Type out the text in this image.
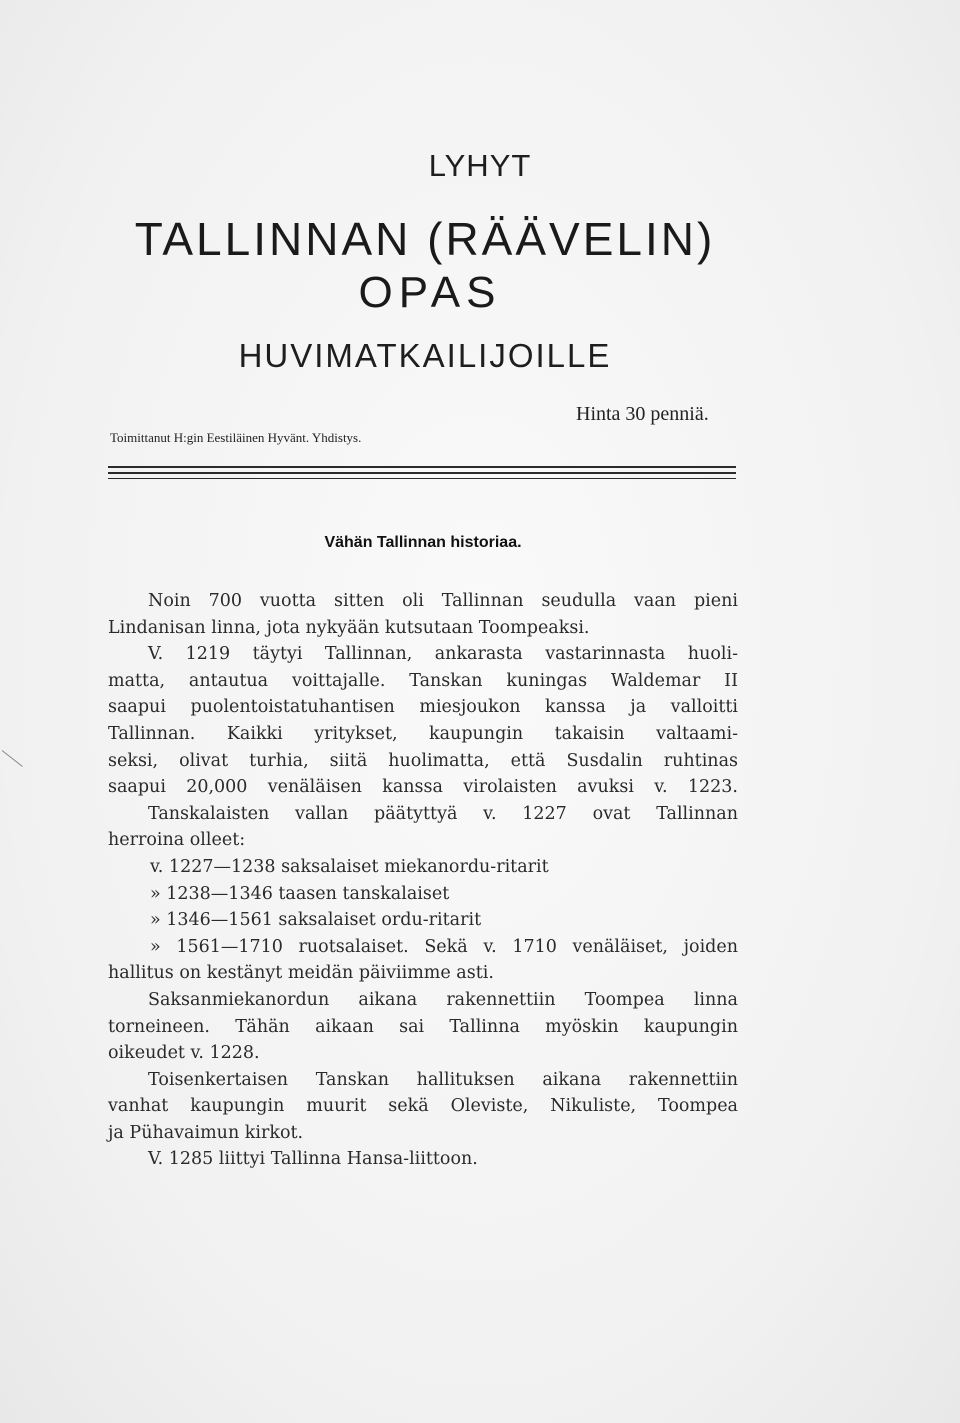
LYHYT
TALLINNAN (RÄÄVELIN)
OPAS
HUVIMATKAILIJOILLE
Hinta 30 penniä.
Toimittanut H:gin Eestiläinen Hyvänt. Yhdistys.
Vähän Tallinnan historiaa.
Noin 700 vuotta sitten oli Tallinnan seudulla vaan pieni
Lindanisan linna, jota nykyään kutsutaan Toompeaksi.
V. 1219 täytyi Tallinnan, ankarasta vastarinnasta huoli-
matta, antautua voittajalle. Tanskan kuningas Waldemar II
saapui puolentoistatuhantisen miesjoukon kanssa ja valloitti
Tallinnan. Kaikki yritykset, kaupungin takaisin valtaami-
seksi, olivat turhia, siitä huolimatta, että Susdalin ruhtinas
saapui 20,000 venäläisen kanssa virolaisten avuksi v. 1223.
Tanskalaisten vallan päätyttyä v. 1227 ovat Tallinnan
herroina olleet:
v. 1227—1238 saksalaiset miekanordu-ritarit
» 1238—1346 taasen tanskalaiset
» 1346—1561 saksalaiset ordu-ritarit
» 1561—1710 ruotsalaiset. Sekä v. 1710 venäläiset, joiden
hallitus on kestänyt meidän päiviimme asti.
Saksanmiekanordun aikana rakennettiin Toompea linna
torneineen. Tähän aikaan sai Tallinna myöskin kaupungin
oikeudet v. 1228.
Toisenkertaisen Tanskan hallituksen aikana rakennettiin
vanhat kaupungin muurit sekä Oleviste, Nikuliste, Toompea
ja Pühavaimun kirkot.
V. 1285 liittyi Tallinna Hansa-liittoon.
